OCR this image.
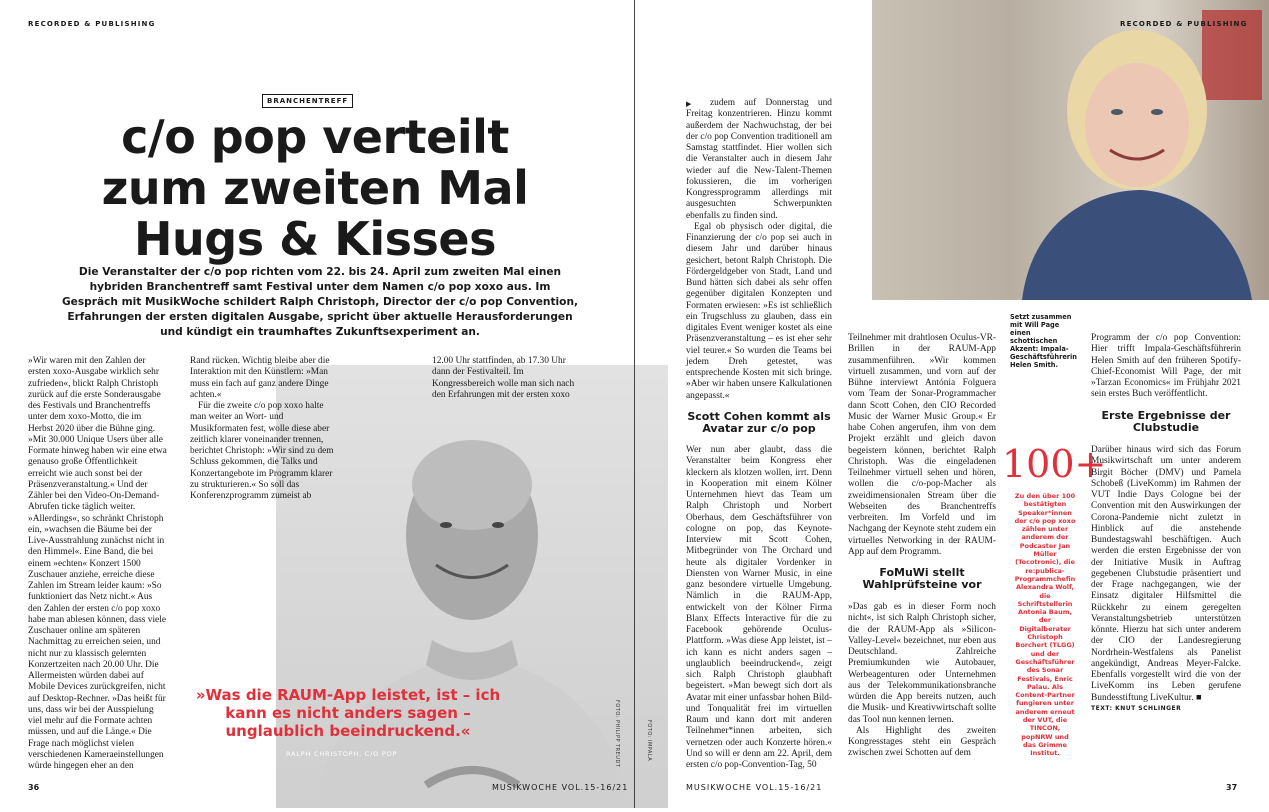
RECORDED & PUBLISHING
BRANCHENTREFF
c/o pop verteilt
zum zweiten Mal
Hugs & Kisses
Die Veranstalter der c/o pop richten vom 22. bis 24. April zum zweiten Mal einen hybriden Branchentreff samt Festival unter dem Namen c/o pop xoxo aus. Im Gespräch mit MusikWoche schildert Ralph Christoph, Director der c/o pop Convention, Erfahrungen der ersten digitalen Ausgabe, spricht über aktuelle Herausforderungen und kündigt ein traumhaftes Zukunftsexperiment an.

»Wir waren mit den Zahlen der ersten xoxo-Ausgabe wirklich sehr zufrieden«, blickt Ralph Christoph zurück auf die erste Sonderausgabe des Festivals und Branchentreffs unter dem xoxo-Motto, die im Herbst 2020 über die Bühne ging. »Mit 30.000 Unique Users über alle Formate hinweg haben wir eine etwa genauso große Öffentlichkeit erreicht wie auch sonst bei der Präsenzveranstaltung.« Und der Zähler bei den Video-On-Demand-Abrufen ticke täglich weiter. »Allerdings«, so schränkt Christoph ein, »wachsen die Bäume bei der Live-Ausstrahlung zunächst nicht in den Himmel«. Eine Band, die bei einem »echten« Konzert 1500 Zuschauer anziehe, erreiche diese Zahlen im Stream leider kaum: »So funktioniert das Netz nicht.« Aus den Zahlen der ersten c/o pop xoxo habe man ablesen können, dass viele Zuschauer online am späteren Nachmittag zu erreichen seien, und nicht nur zu klassisch gelernten Konzertzeiten nach 20.00 Uhr. Die Allermeisten würden dabei auf Mobile Devices zurückgreifen, nicht auf Desktop-Rechner. »Das heißt für uns, dass wir bei der Ausspielung viel mehr auf die Formate achten müssen, und auf die Länge.« Die Frage nach möglichst vielen verschiedenen Kameraeinstellungen würde hingegen eher an den

Rand rücken. Wichtig bleibe aber die Interaktion mit den Künstlern: »Man muss ein fach auf ganz andere Dinge achten.«

Für die zweite c/o pop xoxo halte man weiter an Wort- und Musikformaten fest, wolle diese aber zeitlich klarer voneinander trennen, berichtet Christoph: »Wir sind zu dem Schluss gekommen, die Talks und Konzertangebote im Programm klarer zu strukturieren.« So soll das Konferenzprogramm zumeist ab

12.00 Uhr stattfinden, ab 17.30 Uhr dann der Festivalteil. Im Kongressbereich wolle man sich nach den Erfahrungen mit der ersten xoxo

»Was die RAUM-App leistet, ist – ich kann es nicht anders sagen – unglaublich beeindruckend.«
RALPH CHRISTOPH, C/O POP	FOTO: PHILIPP TREUDT	FOTO: IMPALA
36	MUSIKWOCHE VOL.15-16/21
RECORDED & PUBLISHING
▶	zudem auf Donnerstag und Freitag konzentrieren. Hinzu kommt außerdem der Nachwuchstag, der bei der c/o pop Convention traditionell am Samstag stattfindet. Hier wollen sich die Veranstalter auch in diesem Jahr wieder auf die New-Talent-Themen fokussieren, die im vorherigen Kongressprogramm allerdings mit ausgesuchten Schwerpunkten ebenfalls zu finden sind.

Egal ob physisch oder digital, die Finanzierung der c/o pop sei auch in diesem Jahr und darüber hinaus gesichert, betont Ralph Christoph. Die Fördergeldgeber von Stadt, Land und Bund hätten sich dabei als sehr offen gegenüber digitalen Konzepten und Formaten erwiesen: »Es ist schließlich ein Trugschluss zu glauben, dass ein digitales Event weniger kostet als eine Präsenzveranstaltung – es ist eher sehr viel teurer.« So wurden die Teams bei jedem Dreh getestet, was entsprechende Kosten mit sich bringe. »Aber wir haben unsere Kalkulationen angepasst.«

Scott Cohen kommt als Avatar zur c/o pop

Wer nun aber glaubt, dass die Veranstalter beim Kongress eher kleckern als klotzen wollen, irrt. Denn in Kooperation mit einem Kölner Unternehmen hievt das Team um Ralph Christoph und Norbert Oberhaus, dem Geschäftsführer von cologne on pop, das Keynote-Interview mit Scott Cohen, Mitbegründer von The Orchard und heute als digitaler Vordenker in Diensten von Warner Music, in eine ganz besondere virtuelle Umgebung. Nämlich in die RAUM-App, entwickelt von der Kölner Firma Blanx Effects Interactive für die zu Facebook gehörende Oculus-Plattform. »Was diese App leistet, ist – ich kann es nicht anders sagen – unglaublich beeindruckend«, zeigt sich Ralph Christoph glaubhaft begeistert. »Man bewegt sich dort als Avatar mit einer unfassbar hohen Bild- und Tonqualität frei im virtuellen Raum und kann dort mit anderen Teilnehmer*innen arbeiten, sich vernetzen oder auch Konzerte hören.« Und so will er denn am 22. April, dem ersten c/o pop-Convention-Tag, 50

Teilnehmer mit drahtlosen Oculus-VR-Brillen in der RAUM-App zusammenführen. »Wir kommen virtuell zusammen, und vorn auf der Bühne interviewt Antónia Folguera vom Team der Sonar-Programmacher dann Scott Cohen, den CIO Recorded Music der Warner Music Group.« Er habe Cohen angerufen, ihm von dem Projekt erzählt und gleich davon begeistern können, berichtet Ralph Christoph. Was die eingeladenen Teilnehmer virtuell sehen und hören, wollen die c/o-pop-Macher als zweidimensionalen Stream über die Webseiten des Branchentreffs verbreiten. Im Vorfeld und im Nachgang der Keynote steht zudem ein virtuelles Networking in der RAUM-App auf dem Programm.

FoMuWi stellt Wahlprüfsteine vor

»Das gab es in dieser Form noch nicht«, ist sich Ralph Christoph sicher, die der RAUM-App als »Silicon-Valley-Level« bezeichnet, nur eben aus Deutschland. Zahlreiche Premiumkunden wie Autobauer, Werbeagenturen oder Unternehmen aus der Telekommunikationsbranche würden die App bereits nutzen, auch die Musik- und Kreativwirtschaft sollte das Tool nun kennen lernen.

Als Highlight des zweiten Kongresstages steht ein Gespräch zwischen zwei Schotten auf dem

Setzt zusammen mit Will Page einen schottischen Akzent: Impala-Geschäftsführerin Helen Smith.
100+
Zu den über 100 bestätigten Speaker*innen der c/o pop xoxo zählen unter anderem der Podcaster Jan Müller (Tocotronic), die re:publica-Programmchefin Alexandra Wolf, die Schriftstellerin Antonia Baum, der Digitalberater Christoph Borchert (TLGG) und der Geschäftsführer des Sonar Festivals, Enric Palau. Als Content-Partner fungieren unter anderem erneut der VUT, die TINCON, popNRW und das Grimme Institut.

Programm der c/o pop Convention: Hier trifft Impala-Geschäftsführerin Helen Smith auf den früheren Spotify-Chief-Economist Will Page, der mit »Tarzan Economics« im Frühjahr 2021 sein erstes Buch veröffentlicht.

Erste Ergebnisse der Clubstudie

Darüber hinaus wird sich das Forum Musikwirtschaft um unter anderem Birgit Böcher (DMV) und Pamela Schobeß (LiveKomm) im Rahmen der VUT Indie Days Cologne bei der Convention mit den Auswirkungen der Corona-Pandemie nicht zuletzt in Hinblick auf die anstehende Bundestagswahl beschäftigen. Auch werden die ersten Ergebnisse der von der Initiative Musik in Auftrag gegebenen Clubstudie präsentiert und der Frage nachgegangen, wie der Einsatz digitaler Hilfsmittel die Rückkehr zu einem geregelten Veranstaltungsbetrieb unterstützen könnte. Hierzu hat sich unter anderem der CIO der Landesregierung Nordrhein-Westfalens als Panelist angekündigt, Andreas Meyer-Falcke. Ebenfalls vorgestellt wird die von der LiveKomm ins Leben gerufene Bundesstiftung LiveKultur. ■

TEXT: KNUT SCHLINGER
MUSIKWOCHE VOL.15-16/21	37
